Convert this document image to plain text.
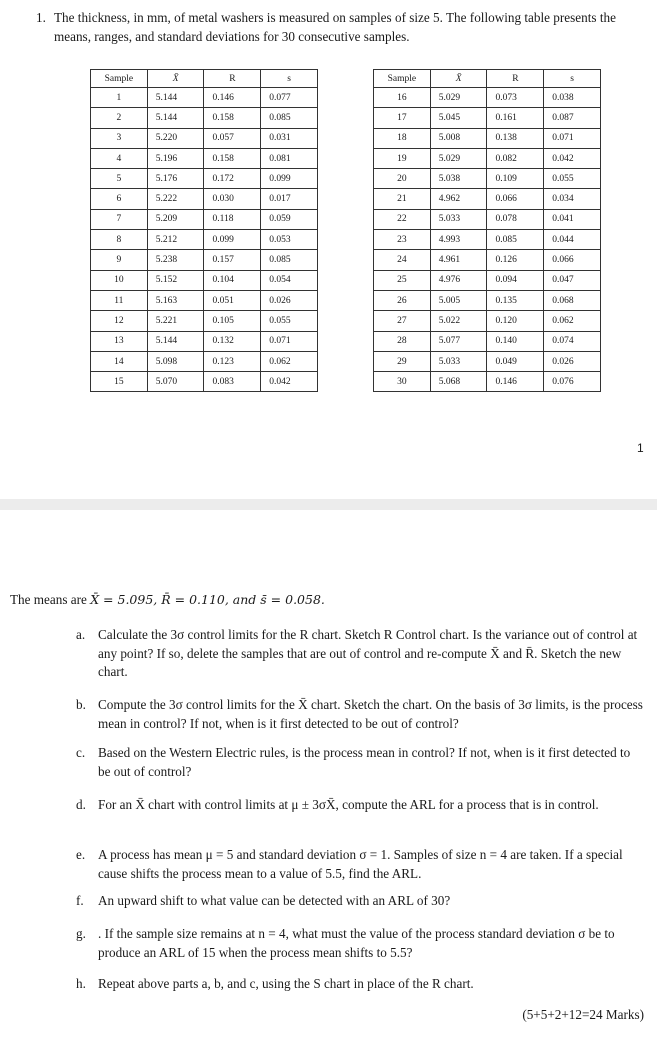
1. The thickness, in mm, of metal washers is measured on samples of size 5. The following table presents the means, ranges, and standard deviations for 30 consecutive samples.
Sample	X̄	R	s
1	5.144	0.146	0.077
2	5.144	0.158	0.085
3	5.220	0.057	0.031
4	5.196	0.158	0.081
5	5.176	0.172	0.099
6	5.222	0.030	0.017
7	5.209	0.118	0.059
8	5.212	0.099	0.053
9	5.238	0.157	0.085
10	5.152	0.104	0.054
11	5.163	0.051	0.026
12	5.221	0.105	0.055
13	5.144	0.132	0.071
14	5.098	0.123	0.062
15	5.070	0.083	0.042
Sample	X̄	R	s
16	5.029	0.073	0.038
17	5.045	0.161	0.087
18	5.008	0.138	0.071
19	5.029	0.082	0.042
20	5.038	0.109	0.055
21	4.962	0.066	0.034
22	5.033	0.078	0.041
23	4.993	0.085	0.044
24	4.961	0.126	0.066
25	4.976	0.094	0.047
26	5.005	0.135	0.068
27	5.022	0.120	0.062
28	5.077	0.140	0.074
29	5.033	0.049	0.026
30	5.068	0.146	0.076
1
The means are X̄ = 5.095, R̄ = 0.110, and s̄ = 0.058.
a. Calculate the 3σ control limits for the R chart. Sketch R Control chart. Is the variance out of control at any point? If so, delete the samples that are out of control and re-compute X̄ and R̄. Sketch the new chart.
b. Compute the 3σ control limits for the X̄ chart. Sketch the chart. On the basis of 3σ limits, is the process mean in control? If not, when is it first detected to be out of control?
c. Based on the Western Electric rules, is the process mean in control? If not, when is it first detected to be out of control?
d. For an X̄ chart with control limits at μ ± 3σX̄, compute the ARL for a process that is in control.
e. A process has mean μ = 5 and standard deviation σ = 1. Samples of size n = 4 are taken. If a special cause shifts the process mean to a value of 5.5, find the ARL.
f. An upward shift to what value can be detected with an ARL of 30?
g. . If the sample size remains at n = 4, what must the value of the process standard deviation σ be to produce an ARL of 15 when the process mean shifts to 5.5?
h. Repeat above parts a, b, and c, using the S chart in place of the R chart.
(5+5+2+12=24 Marks)
